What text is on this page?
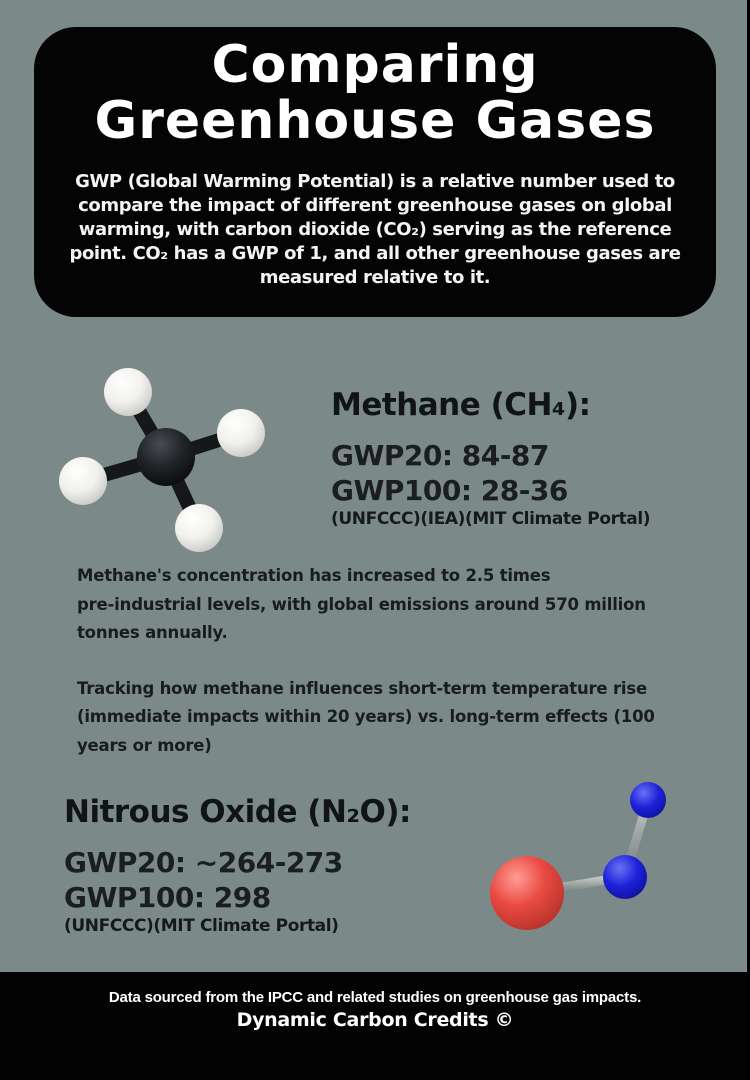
Comparing
Greenhouse Gases
GWP (Global Warming Potential) is a relative number used to
compare the impact of different greenhouse gases on global
warming, with carbon dioxide (CO₂) serving as the reference
point. CO₂ has a GWP of 1, and all other greenhouse gases are
measured relative to it.
Methane (CH₄):
GWP20: 84-87
GWP100: 28-36
(UNFCCC)(IEA)(MIT Climate Portal)
Methane's concentration has increased to 2.5 times
pre-industrial levels, with global emissions around 570 million
tonnes annually.
Tracking how methane influences short-term temperature rise
(immediate impacts within 20 years) vs. long-term effects (100
years or more)
Nitrous Oxide (N₂O):
GWP20: ~264-273
GWP100: 298
(UNFCCC)(MIT Climate Portal)
Data sourced from the IPCC and related studies on greenhouse gas impacts.
Dynamic Carbon Credits ©
